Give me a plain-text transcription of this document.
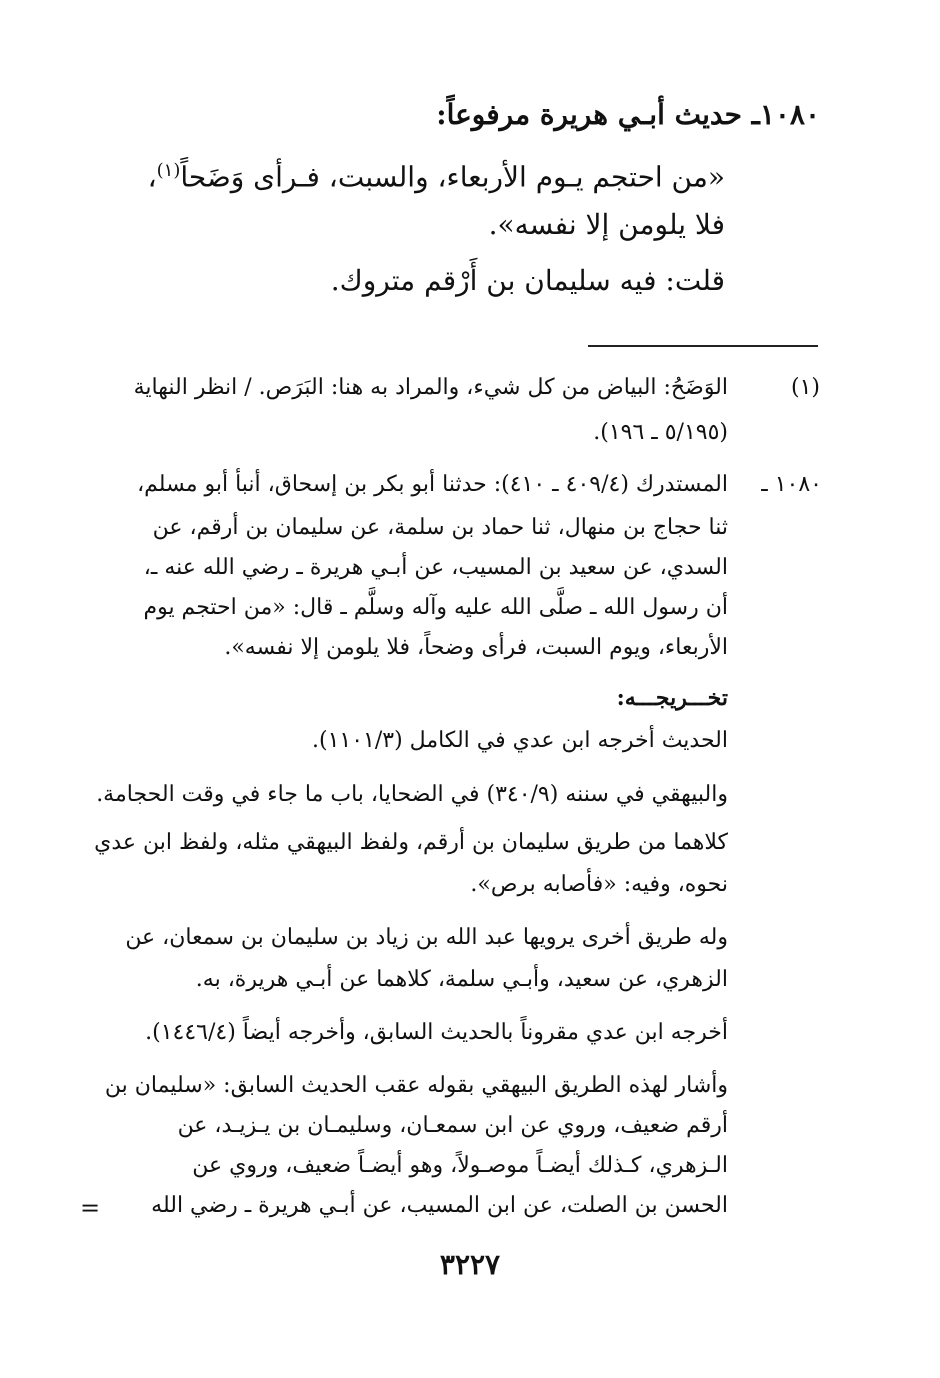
١٠٨٠ـ حديث أبـي هريرة مرفوعاً:
«من احتجم يـوم الأربعاء، والسبت، فـرأى وَضَحاً$^{(١)}$،
فلا يلومن إلا نفسه».
قلت: فيه سليمان بن أَرْقم متروك.
(١)
الوَضَحُ: البياض من كل شيء، والمراد به هنا: البَرَص. / انظر النهاية
(٥/١٩٥ ـ ١٩٦).
١٠٨٠ ـ
المستدرك (٤٠٩/٤ ـ ٤١٠): حدثنا أبو بكر بن إسحاق، أنبأ أبو مسلم،
ثنا حجاج بن منهال، ثنا حماد بن سلمة، عن سليمان بن أرقم، عن
السدي، عن سعيد بن المسيب، عن أبـي هريرة ـ رضي الله عنه ـ،
أن رسول الله ـ صلَّى الله عليه وآله وسلَّم ـ قال: «من احتجم يوم
الأربعاء، ويوم السبت، فرأى وضحاً، فلا يلومن إلا نفسه».
تخـــريجـــه:
الحديث أخرجه ابن عدي في الكامل (١١٠١/٣).
والبيهقي في سننه (٣٤٠/٩) في الضحايا، باب ما جاء في وقت الحجامة.
كلاهما من طريق سليمان بن أرقم، ولفظ البيهقي مثله، ولفظ ابن عدي
نحوه، وفيه: «فأصابه برص».
وله طريق أخرى يرويها عبد الله بن زياد بن سليمان بن سمعان، عن
الزهري، عن سعيد، وأبـي سلمة، كلاهما عن أبـي هريرة، به.
أخرجه ابن عدي مقروناً بالحديث السابق، وأخرجه أيضاً (١٤٤٦/٤).
وأشار لهذه الطريق البيهقي بقوله عقب الحديث السابق: «سليمان بن
أرقم ضعيف، وروي عن ابن سمعـان، وسليمـان بن يـزيـد، عن
الـزهري، كـذلك أيضـاً موصـولاً، وهو أيضـاً ضعيف، وروي عن
الحسن بن الصلت، عن ابن المسيب، عن أبـي هريرة ـ رضي الله
=
٣٢٢٧
